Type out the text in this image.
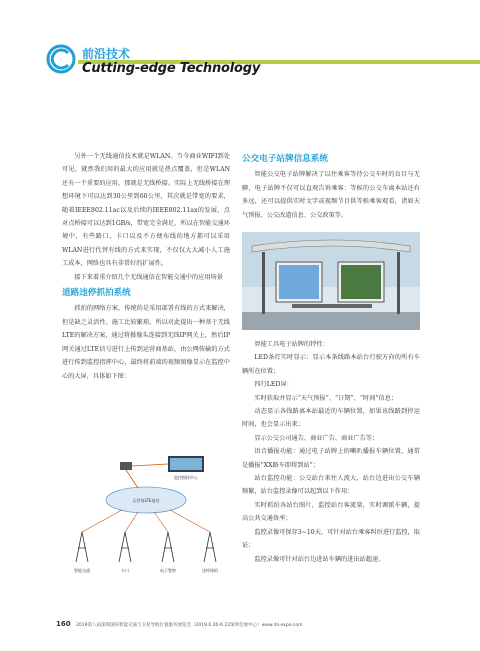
前沿技术
Cutting-edge Technology

另外一个无线通信技术就是WLAN。当今商业WIFI到处可见，就然我们用的最大的应用就是热点覆盖，但是WLAN还有一个重要的应用，那就是无线桥接。实际上无线桥接在理想环境下可以达到30公里到60公里，其次就是带宽的要求，随着IEEE802.11ac以及后续的IEEE802.11ax的发展，点对点桥接可以达到1GB/s，带宽完全满足，所以在智能交通环境中，有些路口，卡口以及不方便布线的地方都可以采用WLAN进行代替有线的方式来实现，不仅仅大大减小人工施工成本，网络也具有非常好的扩展性。

接下来着重介绍几个无线通信在智能交通中的应用场景

道路违停抓拍系统

抓拍的网络方案，传统的是采用部署有线的方式来解决，但是缺乏灵活性。施工比较繁琐，所以对此提出一种基于无线LTE的解决方案，通过将摄像头连接到无线IP网关上，然后IP网关通过LTE信号进行上传到运营商基站，由公网传输的方式进行传到监控指挥中心，最终将前端的视频图像显示在监控中心的大屏，具体如下图：

运营商LTE基站
监控指挥中心
智能交通	卡口	电子警察	违停球机
公交电子站牌信息系统

智能公交电子站牌解决了以往乘客等待公交车时的盲目与无聊，电子站牌不仅可以直观告诉乘客：等候的公交车离本站还有多远，还可以提供实时文字或视频节目供等候乘客观看，诸如天气预报、公交改道信息、公交政策等。

智能工具电子站牌的特性：

LED条灯实时显示：显示本条线路本站台行驶方向的所有车辆所在位置；

四行LED屏：

实时获取并显示“天气预报”、“日期”、“时间”信息；

动态显示各线路离本站最近的车辆位置，如果该线路到停运时间，也会显示出来；

显示公交公司通告、商业广告、商业广告等；

语音播报功能：通过电子站牌上的喇叭播报车辆位置，通常是播报“XX路车即将到站”；

站台监控功能：公交站台来往人流大，站台边进出公交车辆频繁，站台监控录像可以起到以下作用：

实时抓拍各站台图片，监控站台客流量，实时调派车辆，提高公共交通效率；

监控录像可保存3~10天，可针对站台乘客纠纷进行监控，取证；

监控录像可针对站台边进站车辆的进出站超速、

160 2019第八届深圳国际智能交通与卫星导航位置服务展览会（2019.6.20-6.22深圳会展中心）www.its-expo.com
